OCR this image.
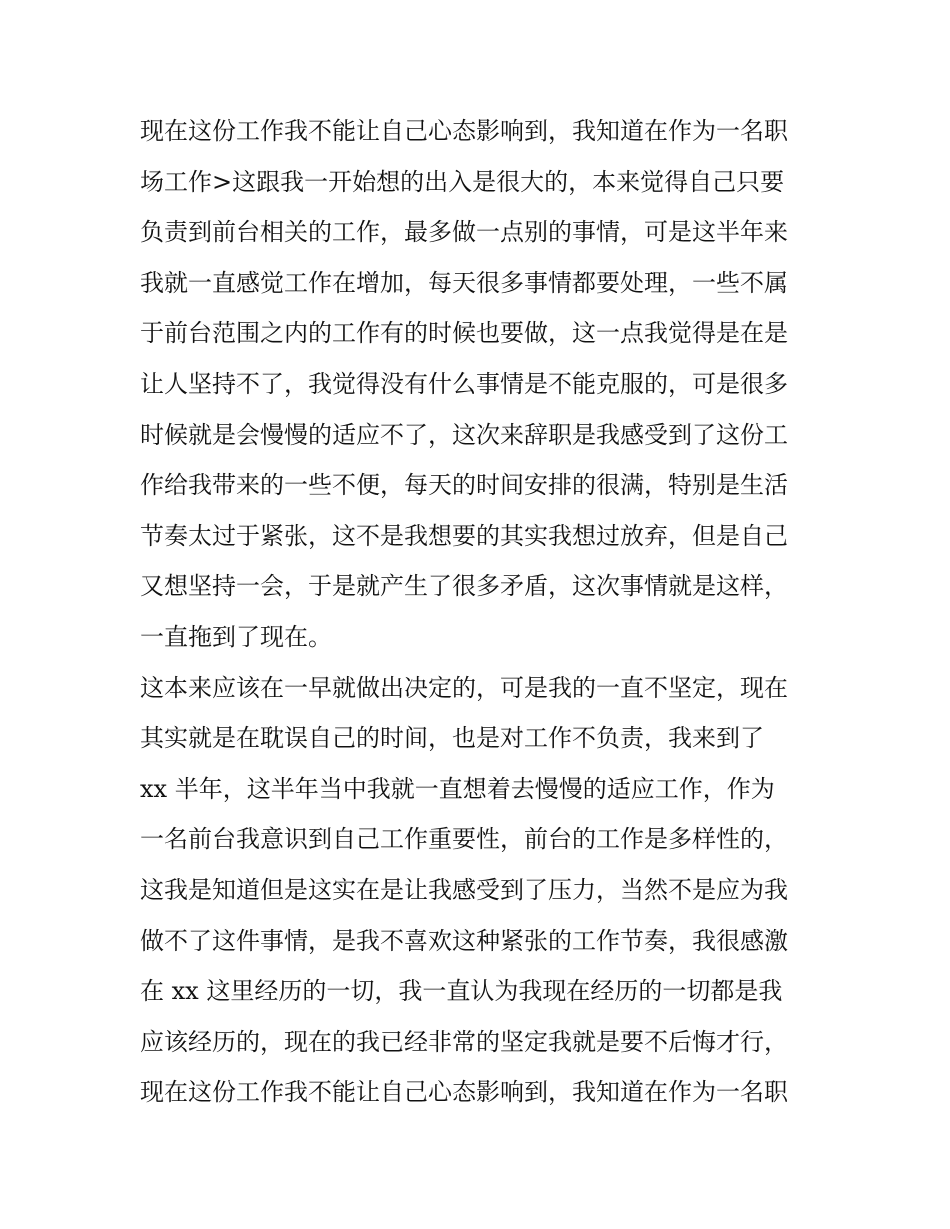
现在这份工作我不能让自己心态影响到，我知道在作为一名职
场工作>这跟我一开始想的出入是很大的，本来觉得自己只要
负责到前台相关的工作，最多做一点别的事情，可是这半年来
我就一直感觉工作在增加，每天很多事情都要处理，一些不属
于前台范围之内的工作有的时候也要做，这一点我觉得是在是
让人坚持不了，我觉得没有什么事情是不能克服的，可是很多
时候就是会慢慢的适应不了，这次来辞职是我感受到了这份工
作给我带来的一些不便，每天的时间安排的很满，特别是生活
节奏太过于紧张，这不是我想要的其实我想过放弃，但是自己
又想坚持一会，于是就产生了很多矛盾，这次事情就是这样，
一直拖到了现在。
这本来应该在一早就做出决定的，可是我的一直不坚定，现在
其实就是在耽误自己的时间，也是对工作不负责，我来到了
xx 半年，这半年当中我就一直想着去慢慢的适应工作，作为
一名前台我意识到自己工作重要性，前台的工作是多样性的，
这我是知道但是这实在是让我感受到了压力，当然不是应为我
做不了这件事情，是我不喜欢这种紧张的工作节奏，我很感激
在 xx 这里经历的一切，我一直认为我现在经历的一切都是我
应该经历的，现在的我已经非常的坚定我就是要不后悔才行，
现在这份工作我不能让自己心态影响到，我知道在作为一名职
